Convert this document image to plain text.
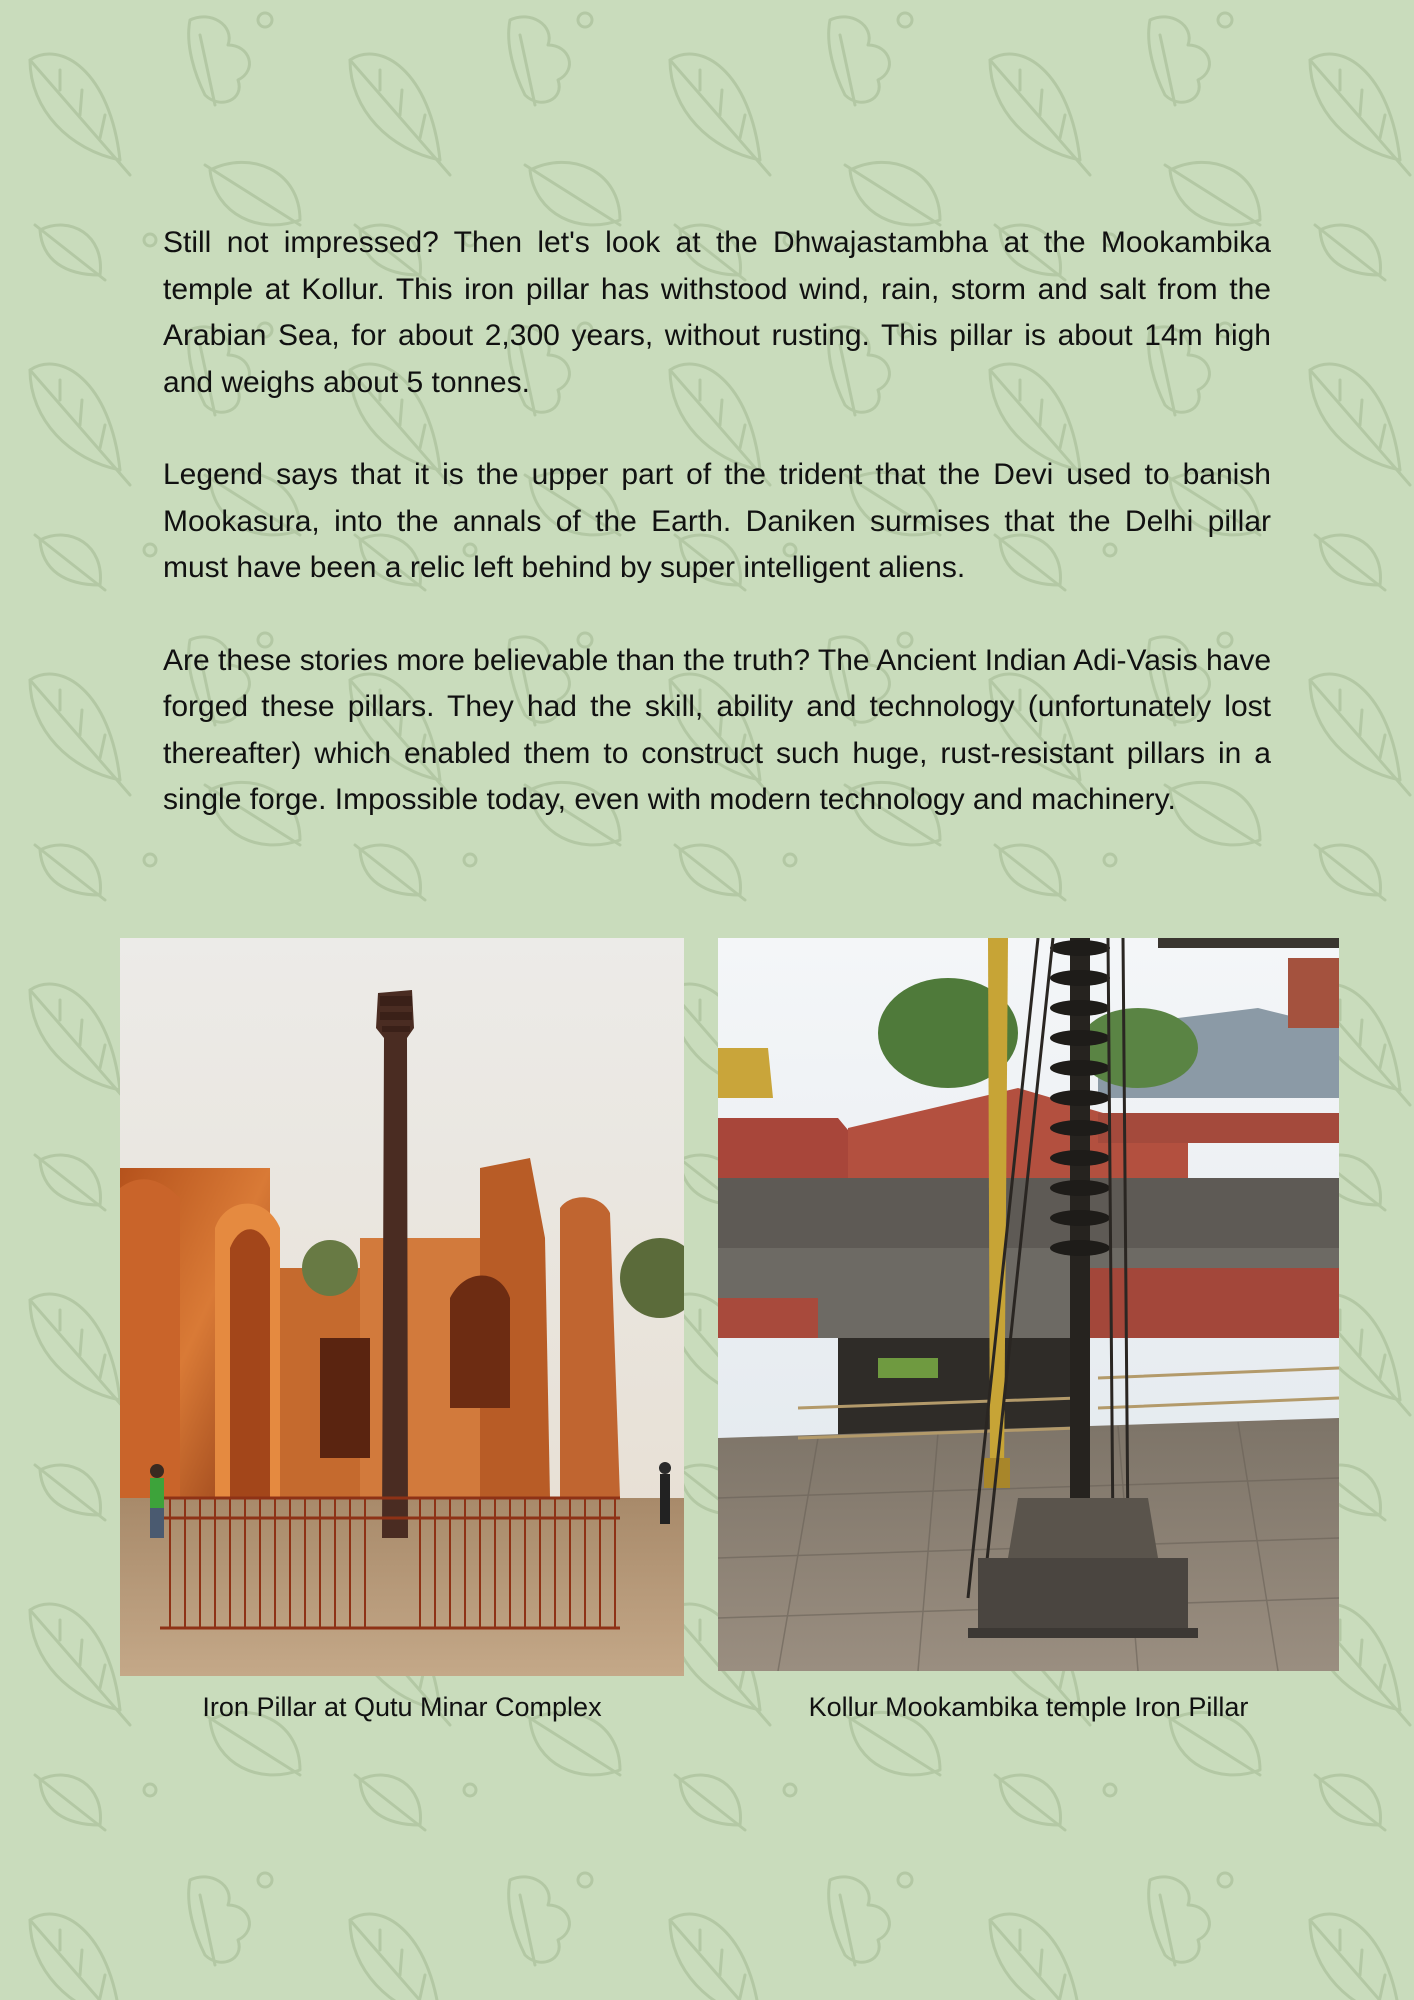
Still not impressed? Then let's look at the Dhwajastambha at the Mookambika temple at Kollur. This iron pillar has withstood wind, rain, storm and salt from the Arabian Sea, for about 2,300 years, without rusting. This pillar is about 14m high and weighs about 5 tonnes.

Legend says that it is the upper part of the trident that the Devi used to banish Mookasura, into the annals of the Earth. Daniken surmises that the Delhi pillar must have been a relic left behind by super intelligent aliens.

Are these stories more believable than the truth? The Ancient Indian Adi-Vasis have forged these pillars. They had the skill, ability and technology (unfortunately lost thereafter) which enabled them to construct such huge, rust-resistant pillars in a single forge. Impossible today, even with modern technology and machinery.

Iron Pillar at Qutu Minar Complex	Kollur Mookambika temple Iron Pillar
